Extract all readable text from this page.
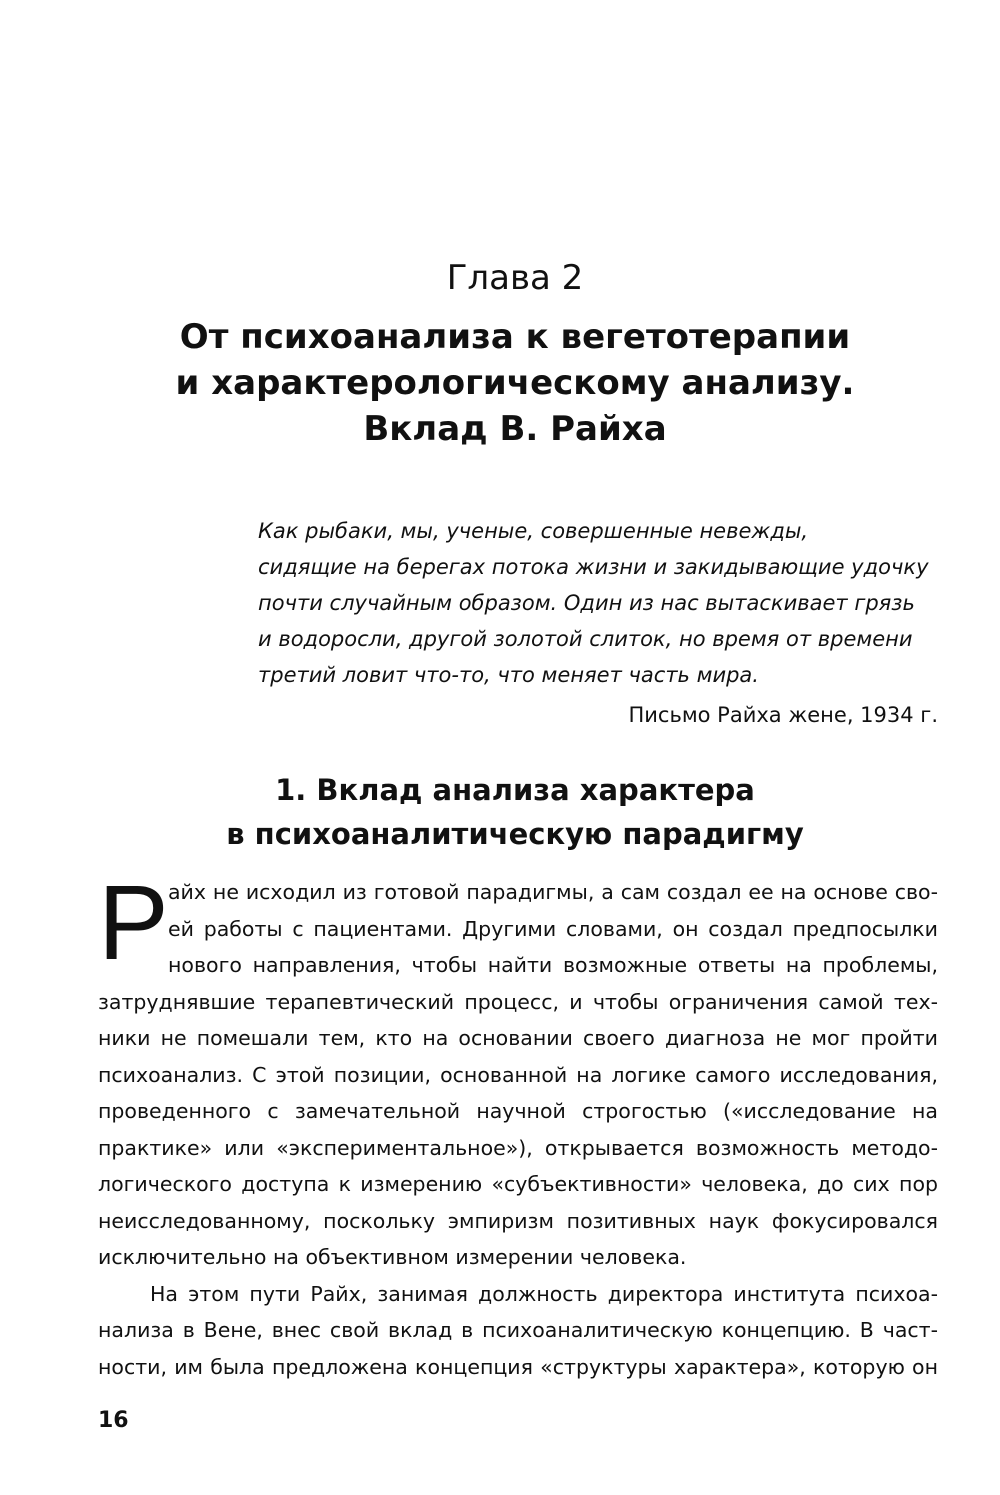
Глава 2
От психоанализа к вегетотерапии
и характерологическому анализу.
Вклад В. Райха
Как рыбаки, мы, ученые, совершенные невежды,
сидящие на берегах потока жизни и закидывающие удочку
почти случайным образом. Один из нас вытаскивает грязь
и водоросли, другой золотой слиток, но время от времени
третий ловит что-то, что меняет часть мира.
Письмо Райха жене, 1934 г.
1. Вклад анализа характера
в психоаналитическую парадигму
Р айх не исходил из готовой парадигмы, а сам создал ее на основе сво-
ей работы с пациентами. Другими словами, он создал предпосылки
нового направления, чтобы найти возможные ответы на проблемы,
затруднявшие терапевтический процесс, и чтобы ограничения самой тех-
ники не помешали тем, кто на основании своего диагноза не мог пройти
психоанализ. С этой позиции, основанной на логике самого исследования,
проведенного с замечательной научной строгостью («исследование на
практике» или «экспериментальное»), открывается возможность методо-
логического доступа к измерению «субъективности» человека, до сих пор
неисследованному, поскольку эмпиризм позитивных наук фокусировался
исключительно на объективном измерении человека.

На этом пути Райх, занимая должность директора института психоа-
нализа в Вене, внес свой вклад в психоаналитическую концепцию. В част-
ности, им была предложена концепция «структуры характера», которую он

16
